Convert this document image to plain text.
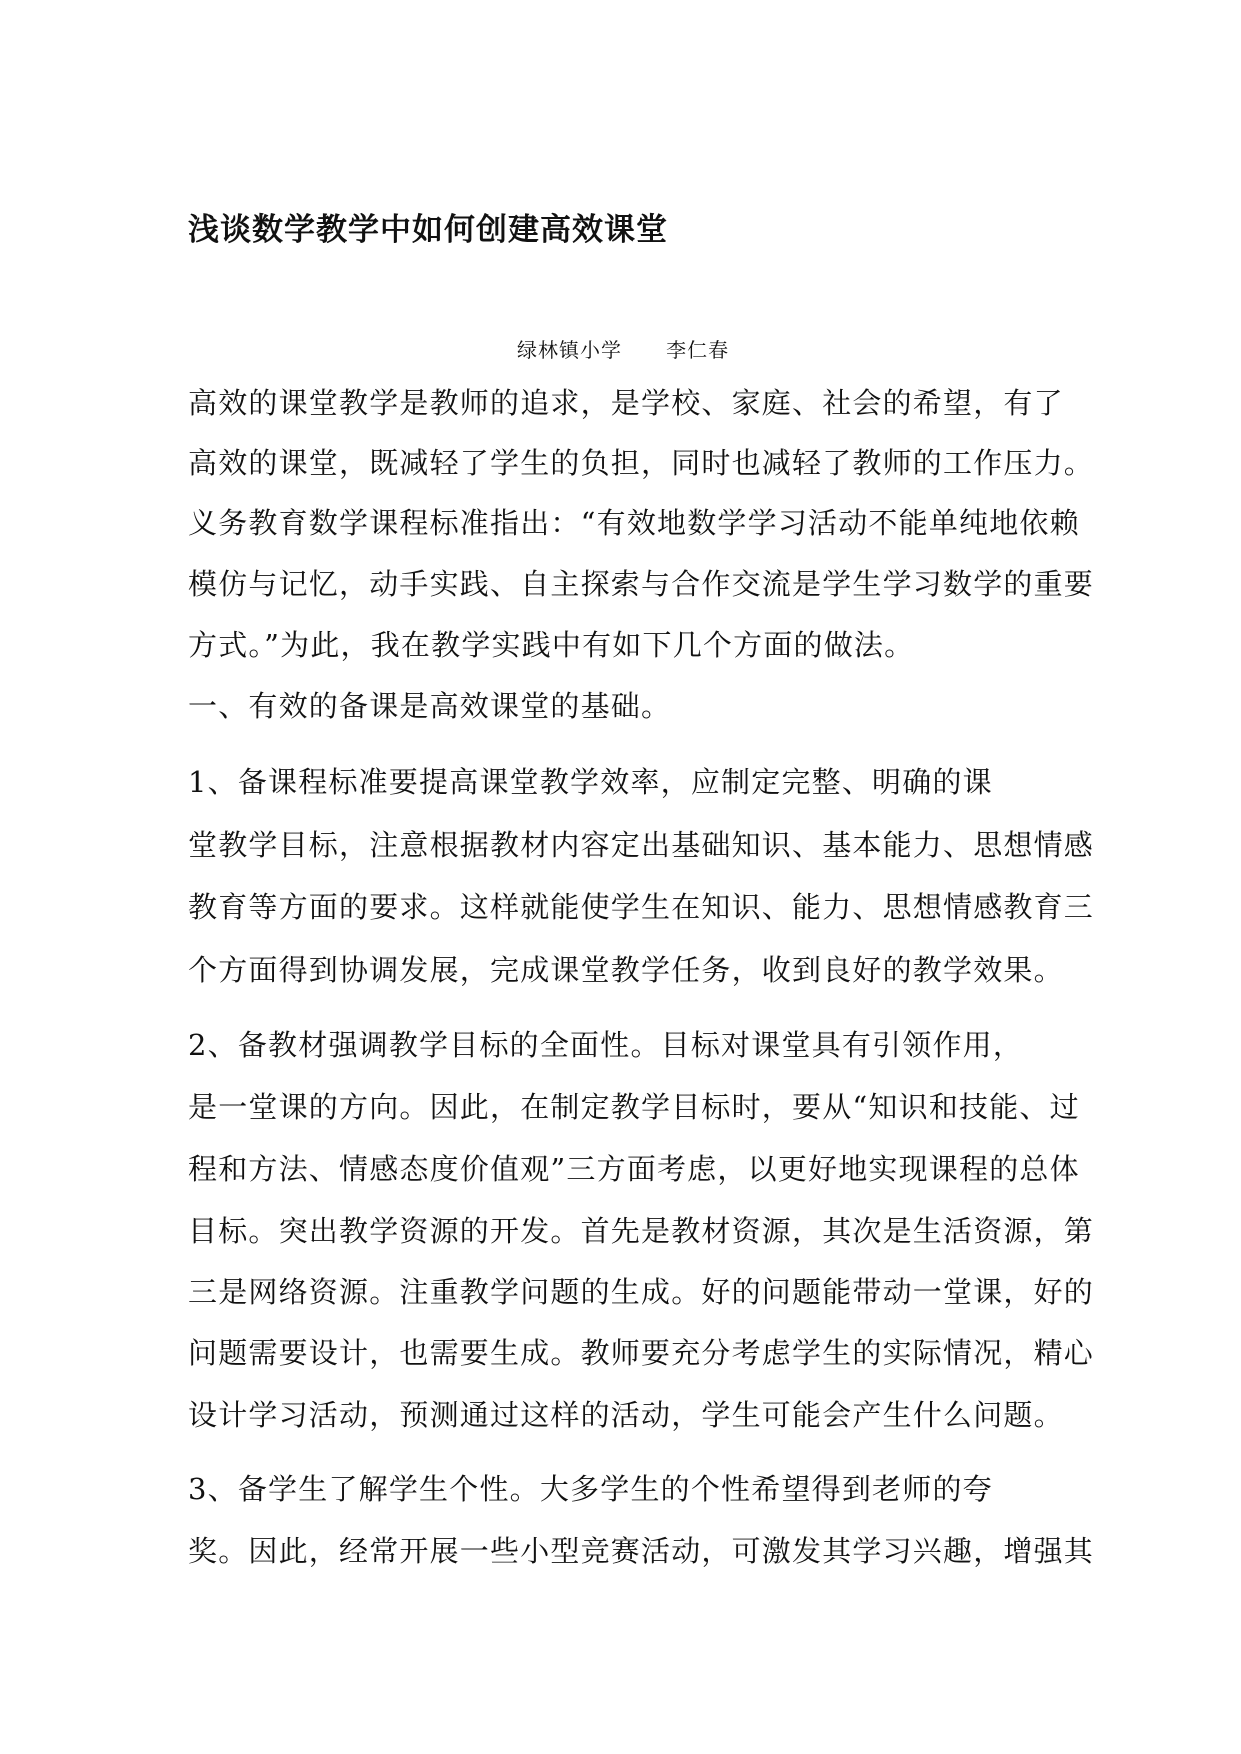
浅谈数学教学中如何创建高效课堂
绿林镇小学      李仁春
高效的课堂教学是教师的追求，是学校、家庭、社会的希望，有了
高效的课堂，既减轻了学生的负担，同时也减轻了教师的工作压力。
义务教育数学课程标准指出：“有效地数学学习活动不能单纯地依赖
模仿与记忆，动手实践、自主探索与合作交流是学生学习数学的重要
方式。”为此，我在教学实践中有如下几个方面的做法。
一、有效的备课是高效课堂的基础。
1、备课程标准要提高课堂教学效率，应制定完整、明确的课
堂教学目标，注意根据教材内容定出基础知识、基本能力、思想情感
教育等方面的要求。这样就能使学生在知识、能力、思想情感教育三
个方面得到协调发展，完成课堂教学任务，收到良好的教学效果。
2、备教材强调教学目标的全面性。目标对课堂具有引领作用，
是一堂课的方向。因此，在制定教学目标时，要从“知识和技能、过
程和方法、情感态度价值观”三方面考虑，以更好地实现课程的总体
目标。突出教学资源的开发。首先是教材资源，其次是生活资源，第
三是网络资源。注重教学问题的生成。好的问题能带动一堂课，好的
问题需要设计，也需要生成。教师要充分考虑学生的实际情况，精心
设计学习活动，预测通过这样的活动，学生可能会产生什么问题。
3、备学生了解学生个性。大多学生的个性希望得到老师的夸
奖。因此，经常开展一些小型竞赛活动，可激发其学习兴趣，增强其
